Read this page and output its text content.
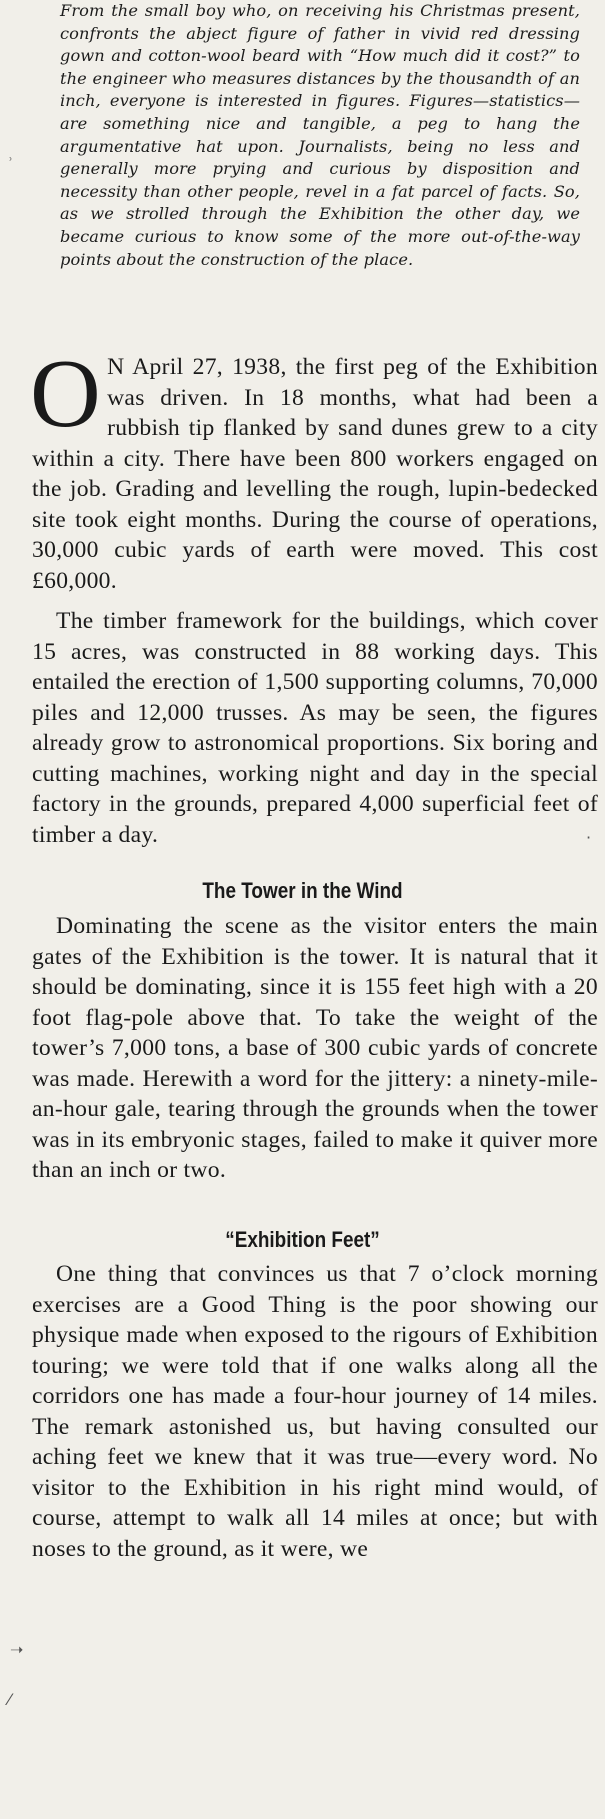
From the small boy who, on receiving his Christmas present, confronts the abject figure of father in vivid red dressing gown and cotton-wool beard with “How much did it cost?” to the engineer who measures distances by the thousandth of an inch, everyone is interested in figures. Figures—statistics—are something nice and tangible, a peg to hang the argumentative hat upon. Journalists, being no less and generally more prying and curious by disposition and necessity than other people, revel in a fat parcel of facts. So, as we strolled through the Exhibition the other day, we became curious to know some of the more out-of-the-way points about the construction of the place.
⸒
·
➝
⁄

O N April 27, 1938, the first peg of the Exhibition was driven. In 18 months, what had been a rubbish tip flanked by sand dunes grew to a city within a city. There have been 800 workers engaged on the job. Grading and levelling the rough, lupin-bedecked site took eight months. During the course of operations, 30,000 cubic yards of earth were moved. This cost £60,000.

The timber framework for the buildings, which cover 15 acres, was constructed in 88 working days. This entailed the erection of 1,500 supporting columns, 70,000 piles and 12,000 trusses. As may be seen, the figures already grow to astronomical proportions. Six boring and cutting machines, working night and day in the special factory in the grounds, prepared 4,000 superficial feet of timber a day.

The Tower in the Wind

Dominating the scene as the visitor enters the main gates of the Exhibition is the tower. It is natural that it should be dominating, since it is 155 feet high with a 20 foot flag-pole above that. To take the weight of the tower’s 7,000 tons, a base of 300 cubic yards of concrete was made. Herewith a word for the jittery: a ninety-mile-an-hour gale, tearing through the grounds when the tower was in its embryonic stages, failed to make it quiver more than an inch or two.

“Exhibition Feet”

One thing that convinces us that 7 o’clock morning exercises are a Good Thing is the poor showing our physique made when exposed to the rigours of Exhibition touring; we were told that if one walks along all the corridors one has made a four-hour journey of 14 miles. The remark astonished us, but having consulted our aching feet we knew that it was true—every word. No visitor to the Exhibition in his right mind would, of course, attempt to walk all 14 miles at once; but with noses to the ground, as it were, we
